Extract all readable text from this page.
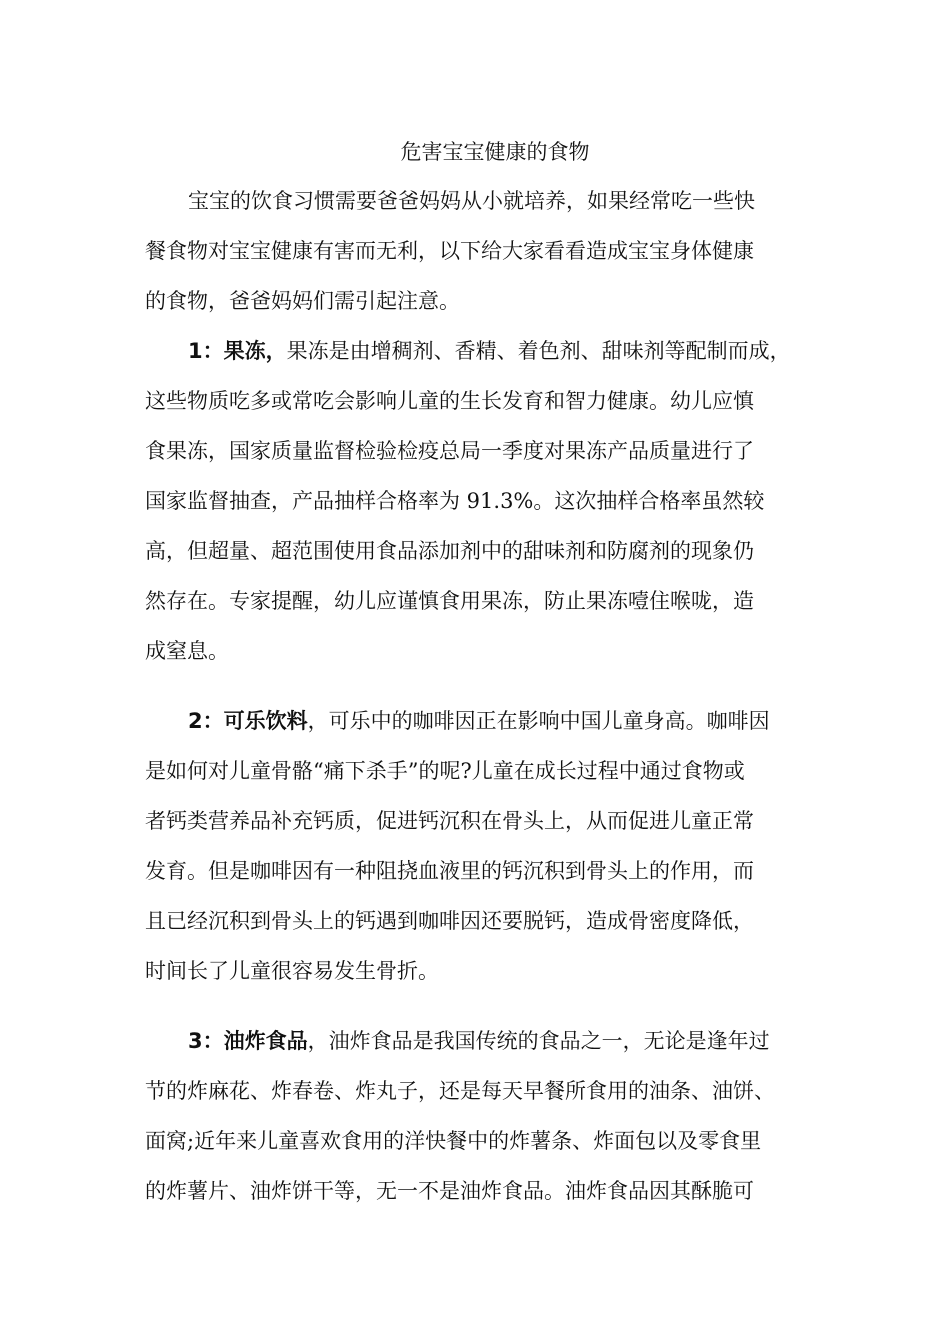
危害宝宝健康的食物
宝宝的饮食习惯需要爸爸妈妈从小就培养，如果经常吃一些快
餐食物对宝宝健康有害而无利，以下给大家看看造成宝宝身体健康
的食物，爸爸妈妈们需引起注意。
1：果冻，果冻是由增稠剂、香精、着色剂、甜味剂等配制而成，
这些物质吃多或常吃会影响儿童的生长发育和智力健康。幼儿应慎
食果冻，国家质量监督检验检疫总局一季度对果冻产品质量进行了
国家监督抽查，产品抽样合格率为 91.3%。这次抽样合格率虽然较
高，但超量、超范围使用食品添加剂中的甜味剂和防腐剂的现象仍
然存在。专家提醒，幼儿应谨慎食用果冻，防止果冻噎住喉咙，造
成窒息。
2：可乐饮料，可乐中的咖啡因正在影响中国儿童身高。咖啡因
是如何对儿童骨骼“痛下杀手”的呢?儿童在成长过程中通过食物或
者钙类营养品补充钙质，促进钙沉积在骨头上，从而促进儿童正常
发育。但是咖啡因有一种阻挠血液里的钙沉积到骨头上的作用，而
且已经沉积到骨头上的钙遇到咖啡因还要脱钙，造成骨密度降低，
时间长了儿童很容易发生骨折。
3：油炸食品，油炸食品是我国传统的食品之一，无论是逢年过
节的炸麻花、炸春卷、炸丸子，还是每天早餐所食用的油条、油饼、
面窝;近年来儿童喜欢食用的洋快餐中的炸薯条、炸面包以及零食里
的炸薯片、油炸饼干等，无一不是油炸食品。油炸食品因其酥脆可
